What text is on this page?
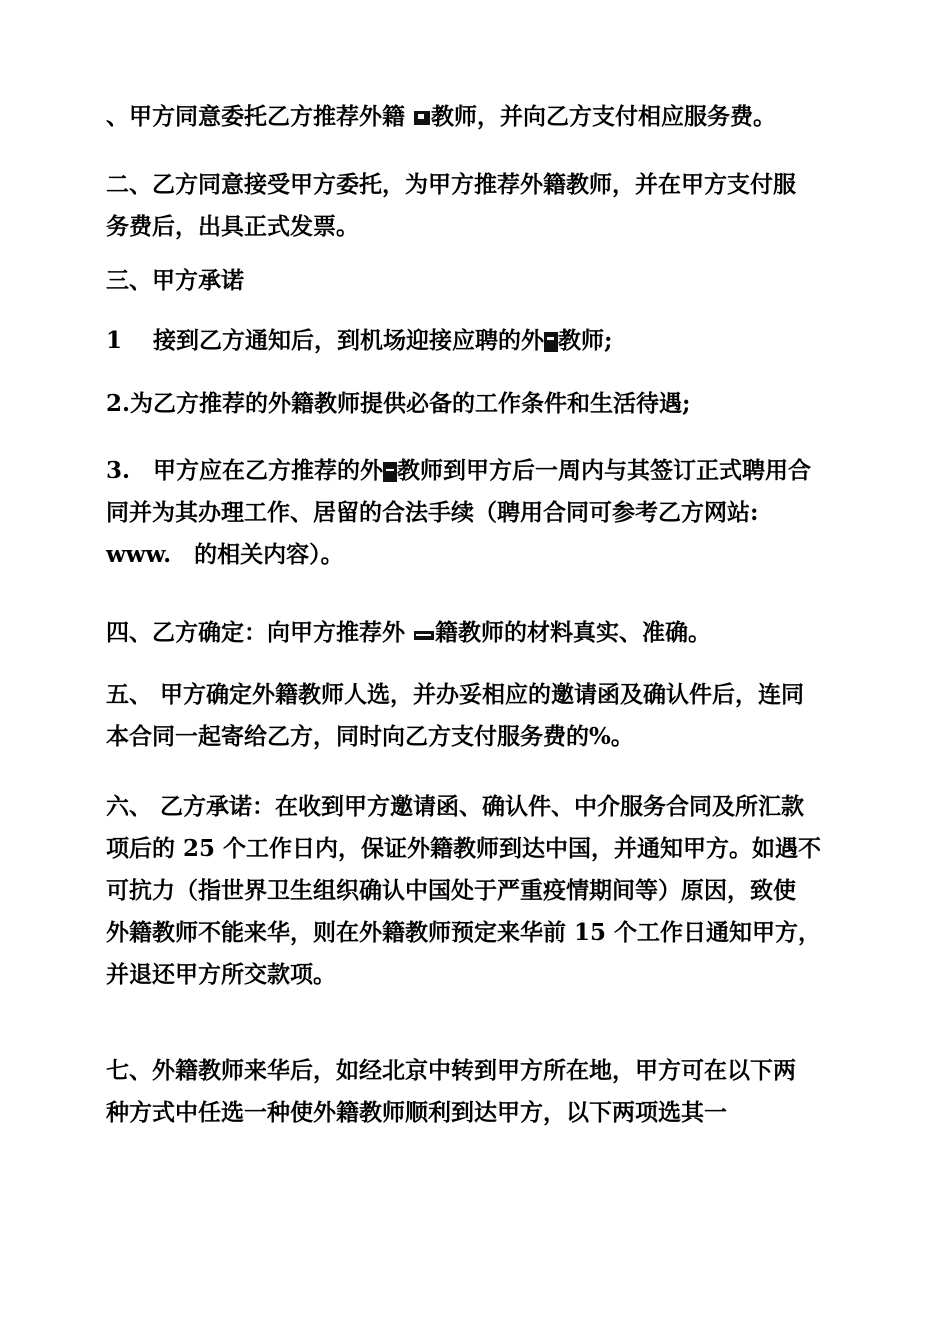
、甲方同意委托乙方推荐外籍 教师，并向乙方支付相应服务费。
二、乙方同意接受甲方委托，为甲方推荐外籍教师，并在甲方支付服
务费后，出具正式发票。
三、甲方承诺
1　 接到乙方通知后，到机场迎接应聘的外 教师;
2.为乙方推荐的外籍教师提供必备的工作条件和生活待遇;
3.　甲方应在乙方推荐的外 教师到甲方后一周内与其签订正式聘用合
同并为其办理工作、居留的合法手续（聘用合同可参考乙方网站:
www.　的相关内容）。
四、乙方确定：向甲方推荐外 籍教师的材料真实、准确。
五、 甲方确定外籍教师人选，并办妥相应的邀请函及确认件后，连同
本合同一起寄给乙方，同时向乙方支付服务费的%。
六、 乙方承诺：在收到甲方邀请函、确认件、中介服务合同及所汇款
项后的 25 个工作日内，保证外籍教师到达中国，并通知甲方。如遇不
可抗力（指世界卫生组织确认中国处于严重疫情期间等）原因，致使
外籍教师不能来华，则在外籍教师预定来华前 15 个工作日通知甲方，
并退还甲方所交款项。
七、外籍教师来华后，如经北京中转到甲方所在地，甲方可在以下两
种方式中任选一种使外籍教师顺利到达甲方，以下两项选其一
